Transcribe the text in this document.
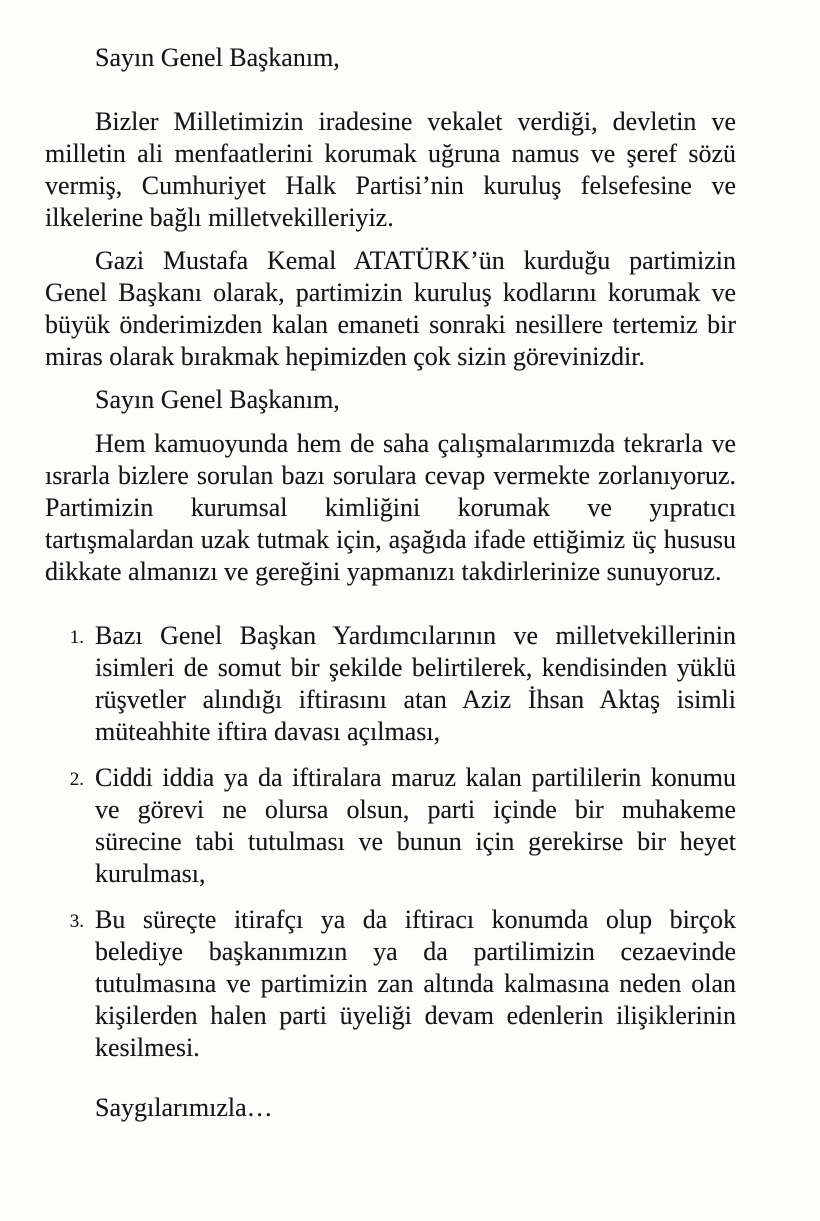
Sayın Genel Başkanım,

Bizler Milletimizin iradesine vekalet verdiği, devletin ve milletin ali menfaatlerini korumak uğruna namus ve şeref sözü vermiş, Cumhuriyet Halk Partisi’nin kuruluş felsefesine ve ilkelerine bağlı milletvekilleriyiz.

Gazi Mustafa Kemal ATATÜRK’ün kurduğu partimizin Genel Başkanı olarak, partimizin kuruluş kodlarını korumak ve büyük önderimizden kalan emaneti sonraki nesillere tertemiz bir miras olarak bırakmak hepimizden çok sizin görevinizdir.

Sayın Genel Başkanım,

Hem kamuoyunda hem de saha çalışmalarımızda tekrarla ve ısrarla bizlere sorulan bazı sorulara cevap vermekte zorlanıyoruz. Partimizin kurumsal kimliğini korumak ve yıpratıcı tartışmalardan uzak tutmak için, aşağıda ifade ettiğimiz üç hususu dikkate almanızı ve gereğini yapmanızı takdirlerinize sunuyoruz.

1. Bazı Genel Başkan Yardımcılarının ve milletvekillerinin isimleri de somut bir şekilde belirtilerek, kendisinden yüklü rüşvetler alındığı iftirasını atan Aziz İhsan Aktaş isimli müteahhite iftira davası açılması,
2. Ciddi iddia ya da iftiralara maruz kalan partililerin konumu ve görevi ne olursa olsun, parti içinde bir muhakeme sürecine tabi tutulması ve bunun için gerekirse bir heyet kurulması,
3. Bu süreçte itirafçı ya da iftiracı konumda olup birçok belediye başkanımızın ya da partilimizin cezaevinde tutulmasına ve partimizin zan altında kalmasına neden olan kişilerden halen parti üyeliği devam edenlerin ilişiklerinin kesilmesi.
Saygılarımızla…
